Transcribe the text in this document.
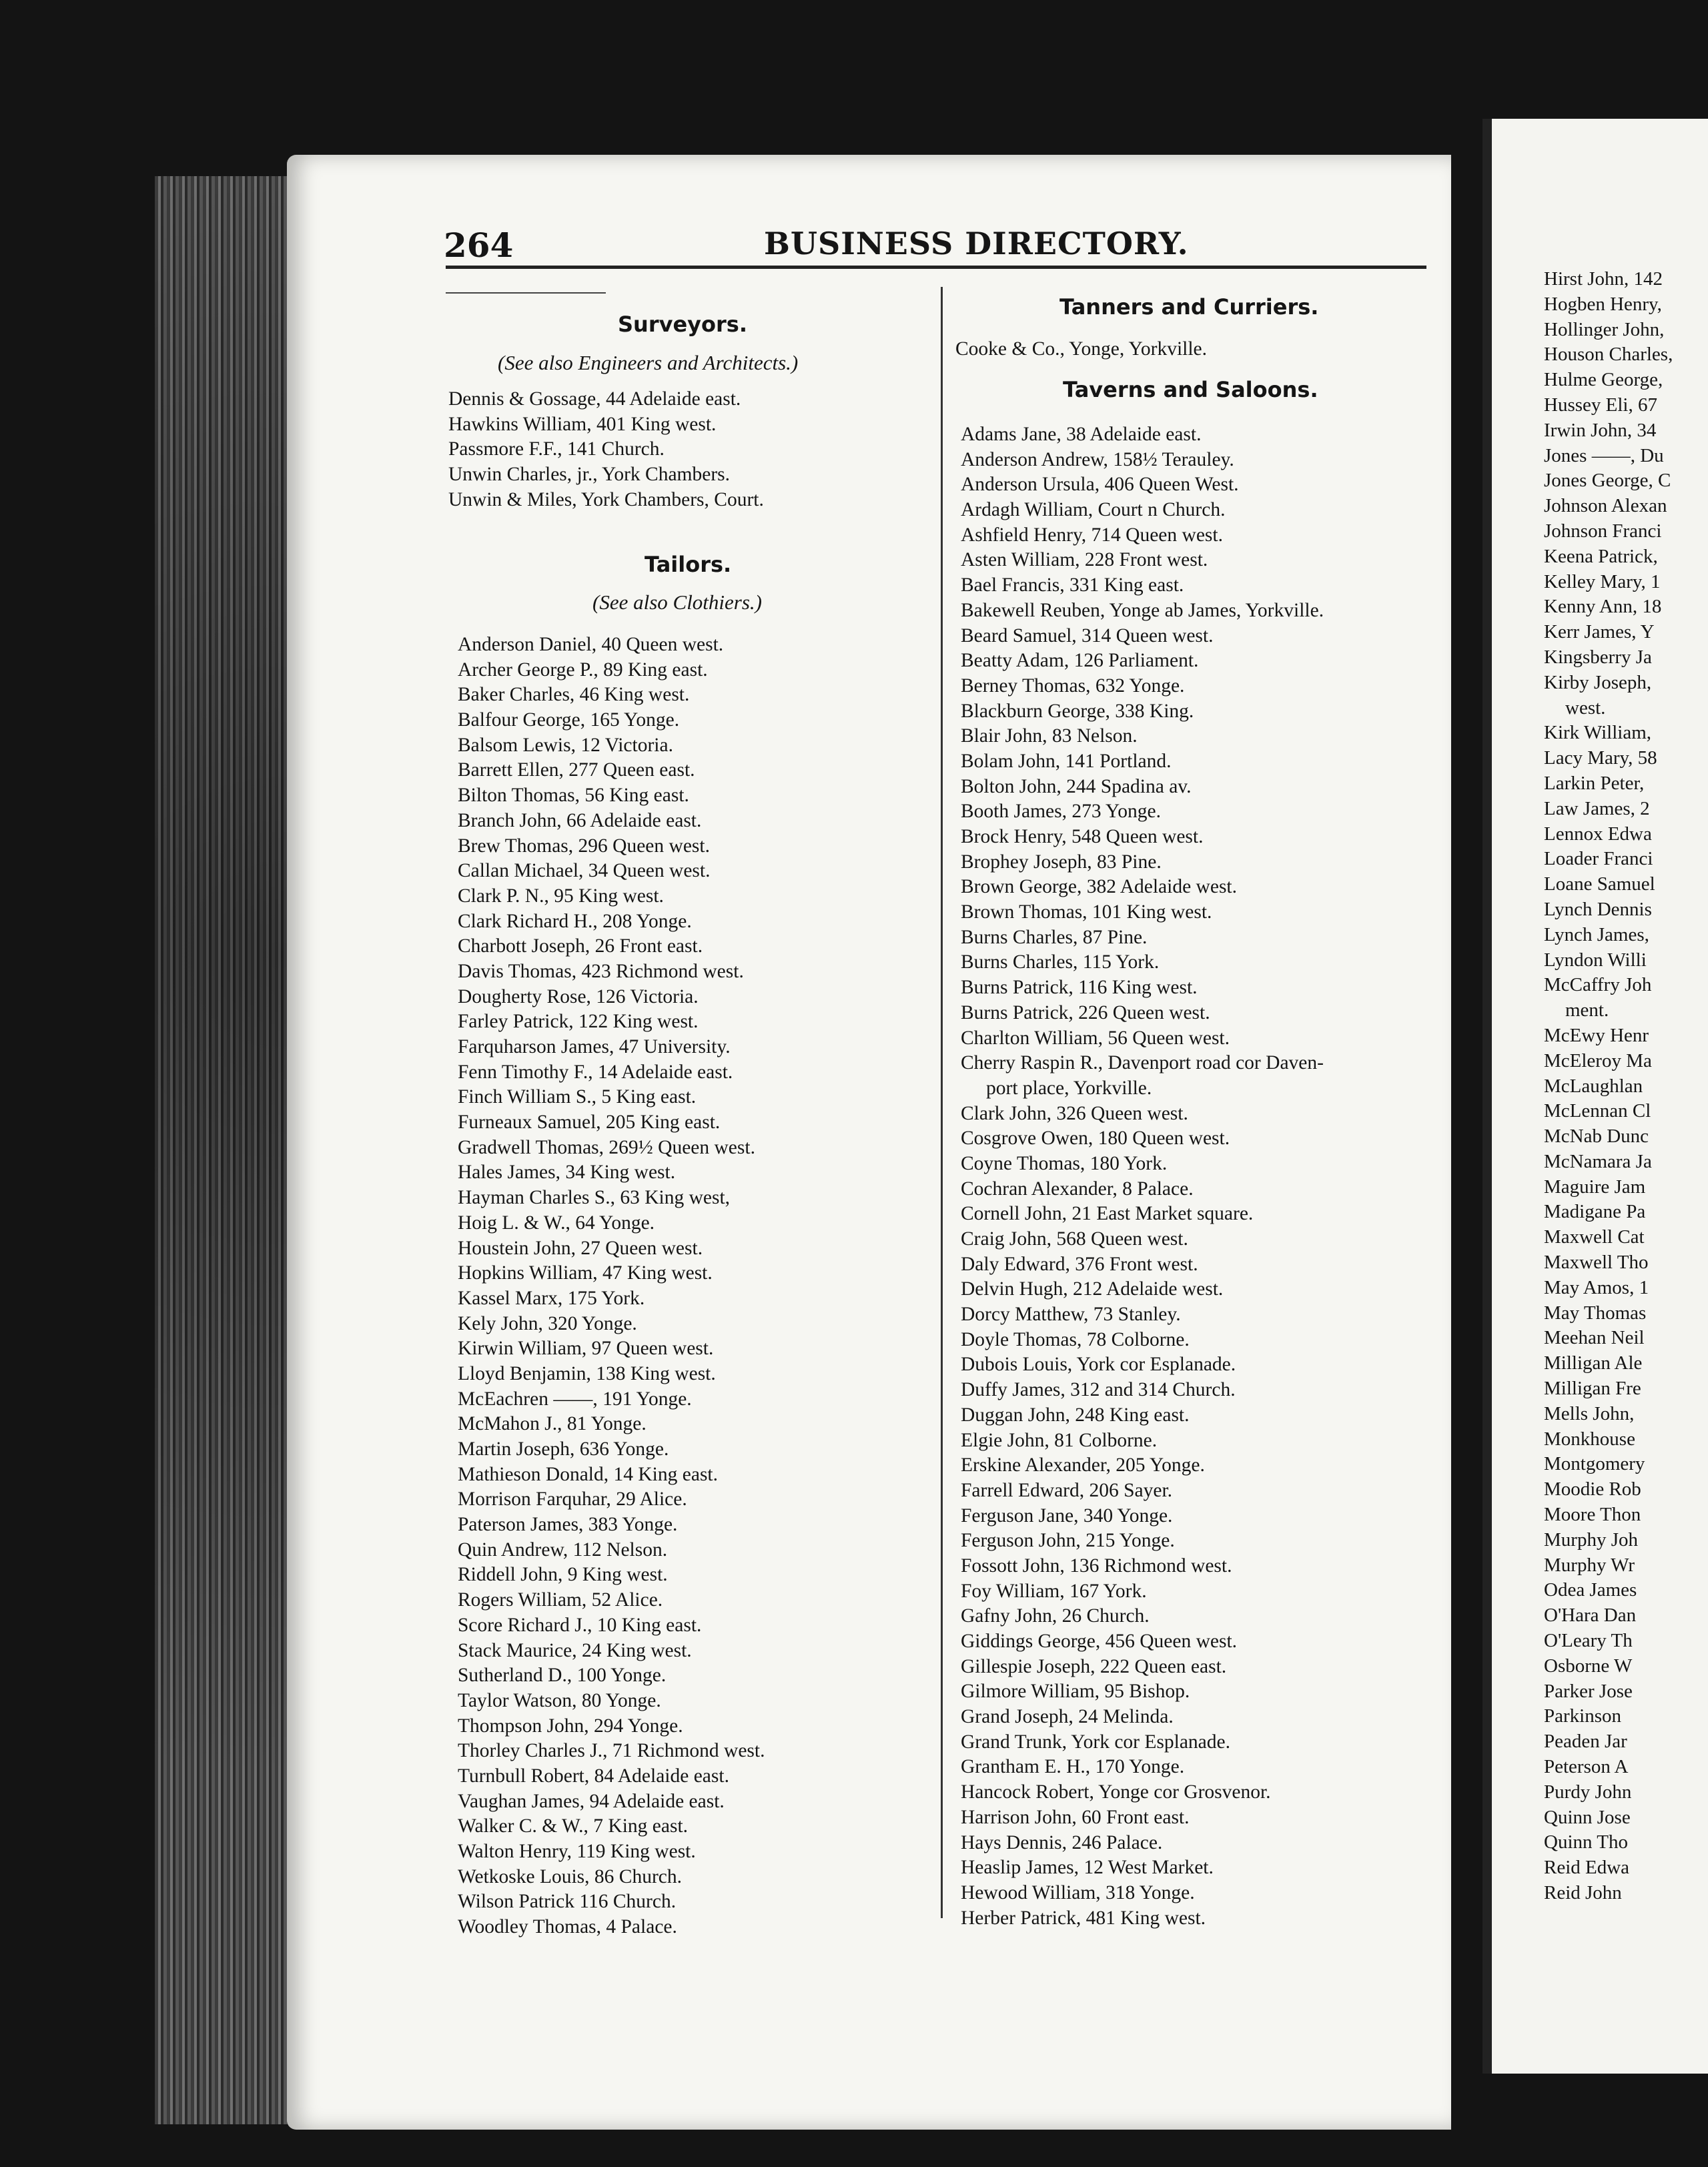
264	BUSINESS DIRECTORY.
Surveyors.
(See also Engineers and Architects.)
Dennis & Gossage, 44 Adelaide east.
Hawkins William, 401 King west.
Passmore F.F., 141 Church.
Unwin Charles, jr., York Chambers.
Unwin & Miles, York Chambers, Court.
Tailors.
(See also Clothiers.)
Anderson Daniel, 40 Queen west.
Archer George P., 89 King east.
Baker Charles, 46 King west.
Balfour George, 165 Yonge.
Balsom Lewis, 12 Victoria.
Barrett Ellen, 277 Queen east.
Bilton Thomas, 56 King east.
Branch John, 66 Adelaide east.
Brew Thomas, 296 Queen west.
Callan Michael, 34 Queen west.
Clark P. N., 95 King west.
Clark Richard H., 208 Yonge.
Charbott Joseph, 26 Front east.
Davis Thomas, 423 Richmond west.
Dougherty Rose, 126 Victoria.
Farley Patrick, 122 King west.
Farquharson James, 47 University.
Fenn Timothy F., 14 Adelaide east.
Finch William S., 5 King east.
Furneaux Samuel, 205 King east.
Gradwell Thomas, 269½ Queen west.
Hales James, 34 King west.
Hayman Charles S., 63 King west,
Hoig L. & W., 64 Yonge.
Houstein John, 27 Queen west.
Hopkins William, 47 King west.
Kassel Marx, 175 York.
Kely John, 320 Yonge.
Kirwin William, 97 Queen west.
Lloyd Benjamin, 138 King west.
McEachren ——, 191 Yonge.
McMahon J., 81 Yonge.
Martin Joseph, 636 Yonge.
Mathieson Donald, 14 King east.
Morrison Farquhar, 29 Alice.
Paterson James, 383 Yonge.
Quin Andrew, 112 Nelson.
Riddell John, 9 King west.
Rogers William, 52 Alice.
Score Richard J., 10 King east.
Stack Maurice, 24 King west.
Sutherland D., 100 Yonge.
Taylor Watson, 80 Yonge.
Thompson John, 294 Yonge.
Thorley Charles J., 71 Richmond west.
Turnbull Robert, 84 Adelaide east.
Vaughan James, 94 Adelaide east.
Walker C. & W., 7 King east.
Walton Henry, 119 King west.
Wetkoske Louis, 86 Church.
Wilson Patrick 116 Church.
Woodley Thomas, 4 Palace.
Tanners and Curriers.
Cooke & Co., Yonge, Yorkville.
Taverns and Saloons.
Adams Jane, 38 Adelaide east.
Anderson Andrew, 158½ Terauley.
Anderson Ursula, 406 Queen West.
Ardagh William, Court n Church.
Ashfield Henry, 714 Queen west.
Asten William, 228 Front west.
Bael Francis, 331 King east.
Bakewell Reuben, Yonge ab James, Yorkville.
Beard Samuel, 314 Queen west.
Beatty Adam, 126 Parliament.
Berney Thomas, 632 Yonge.
Blackburn George, 338 King.
Blair John, 83 Nelson.
Bolam John, 141 Portland.
Bolton John, 244 Spadina av.
Booth James, 273 Yonge.
Brock Henry, 548 Queen west.
Brophey Joseph, 83 Pine.
Brown George, 382 Adelaide west.
Brown Thomas, 101 King west.
Burns Charles, 87 Pine.
Burns Charles, 115 York.
Burns Patrick, 116 King west.
Burns Patrick, 226 Queen west.
Charlton William, 56 Queen west.
Cherry Raspin R., Davenport road cor Daven-
port place, Yorkville.
Clark John, 326 Queen west.
Cosgrove Owen, 180 Queen west.
Coyne Thomas, 180 York.
Cochran Alexander, 8 Palace.
Cornell John, 21 East Market square.
Craig John, 568 Queen west.
Daly Edward, 376 Front west.
Delvin Hugh, 212 Adelaide west.
Dorcy Matthew, 73 Stanley.
Doyle Thomas, 78 Colborne.
Dubois Louis, York cor Esplanade.
Duffy James, 312 and 314 Church.
Duggan John, 248 King east.
Elgie John, 81 Colborne.
Erskine Alexander, 205 Yonge.
Farrell Edward, 206 Sayer.
Ferguson Jane, 340 Yonge.
Ferguson John, 215 Yonge.
Fossott John, 136 Richmond west.
Foy William, 167 York.
Gafny John, 26 Church.
Giddings George, 456 Queen west.
Gillespie Joseph, 222 Queen east.
Gilmore William, 95 Bishop.
Grand Joseph, 24 Melinda.
Grand Trunk, York cor Esplanade.
Grantham E. H., 170 Yonge.
Hancock Robert, Yonge cor Grosvenor.
Harrison John, 60 Front east.
Hays Dennis, 246 Palace.
Heaslip James, 12 West Market.
Hewood William, 318 Yonge.
Herber Patrick, 481 King west.
Hirst John, 142
Hogben Henry,
Hollinger John,
Houson Charles,
Hulme George,
Hussey Eli, 67
Irwin John, 34
Jones ——, Du
Jones George, C
Johnson Alexan
Johnson Franci
Keena Patrick,
Kelley Mary, 1
Kenny Ann, 18
Kerr James, Y
Kingsberry Ja
Kirby Joseph,
west.
Kirk William,
Lacy Mary, 58
Larkin Peter,
Law James, 2
Lennox Edwa
Loader Franci
Loane Samuel
Lynch Dennis
Lynch James,
Lyndon Willi
McCaffry Joh
ment.
McEwy Henr
McEleroy Ma
McLaughlan
McLennan Cl
McNab Dunc
McNamara Ja
Maguire Jam
Madigane Pa
Maxwell Cat
Maxwell Tho
May Amos, 1
May Thomas
Meehan Neil
Milligan Ale
Milligan Fre
Mells John,
Monkhouse
Montgomery
Moodie Rob
Moore Thon
Murphy Joh
Murphy Wr
Odea James
O'Hara Dan
O'Leary Th
Osborne W
Parker Jose
Parkinson
Peaden Jar
Peterson A
Purdy John
Quinn Jose
Quinn Tho
Reid Edwa
Reid John
